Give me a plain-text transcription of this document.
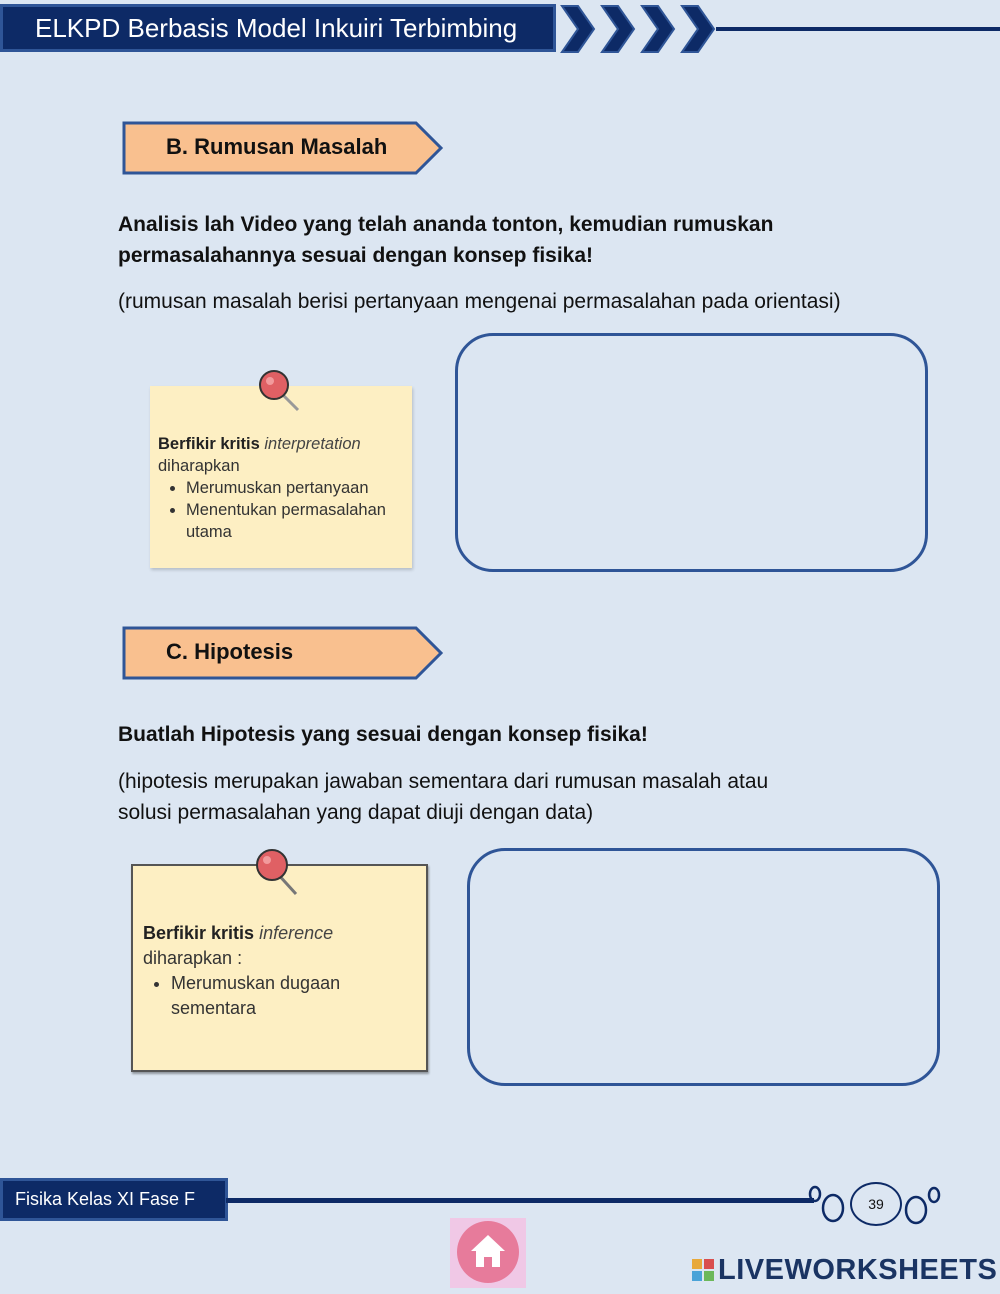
ELKPD Berbasis Model Inkuiri Terbimbing
B. Rumusan Masalah
Analisis lah Video yang telah ananda tonton, kemudian rumuskan
permasalahannya sesuai dengan konsep fisika!
(rumusan masalah berisi pertanyaan mengenai permasalahan pada orientasi)
Berfikir kritis interpretation
diharapkan
• Merumuskan pertanyaan
• Menentukan permasalahan utama
C. Hipotesis
Buatlah Hipotesis yang sesuai dengan konsep fisika!
(hipotesis merupakan jawaban sementara dari rumusan masalah atau
solusi permasalahan yang dapat diuji dengan data)
Berfikir kritis inference
diharapkan :
• Merumuskan dugaan sementara
Fisika Kelas XI Fase F	39
LIVEWORKSHEETS
